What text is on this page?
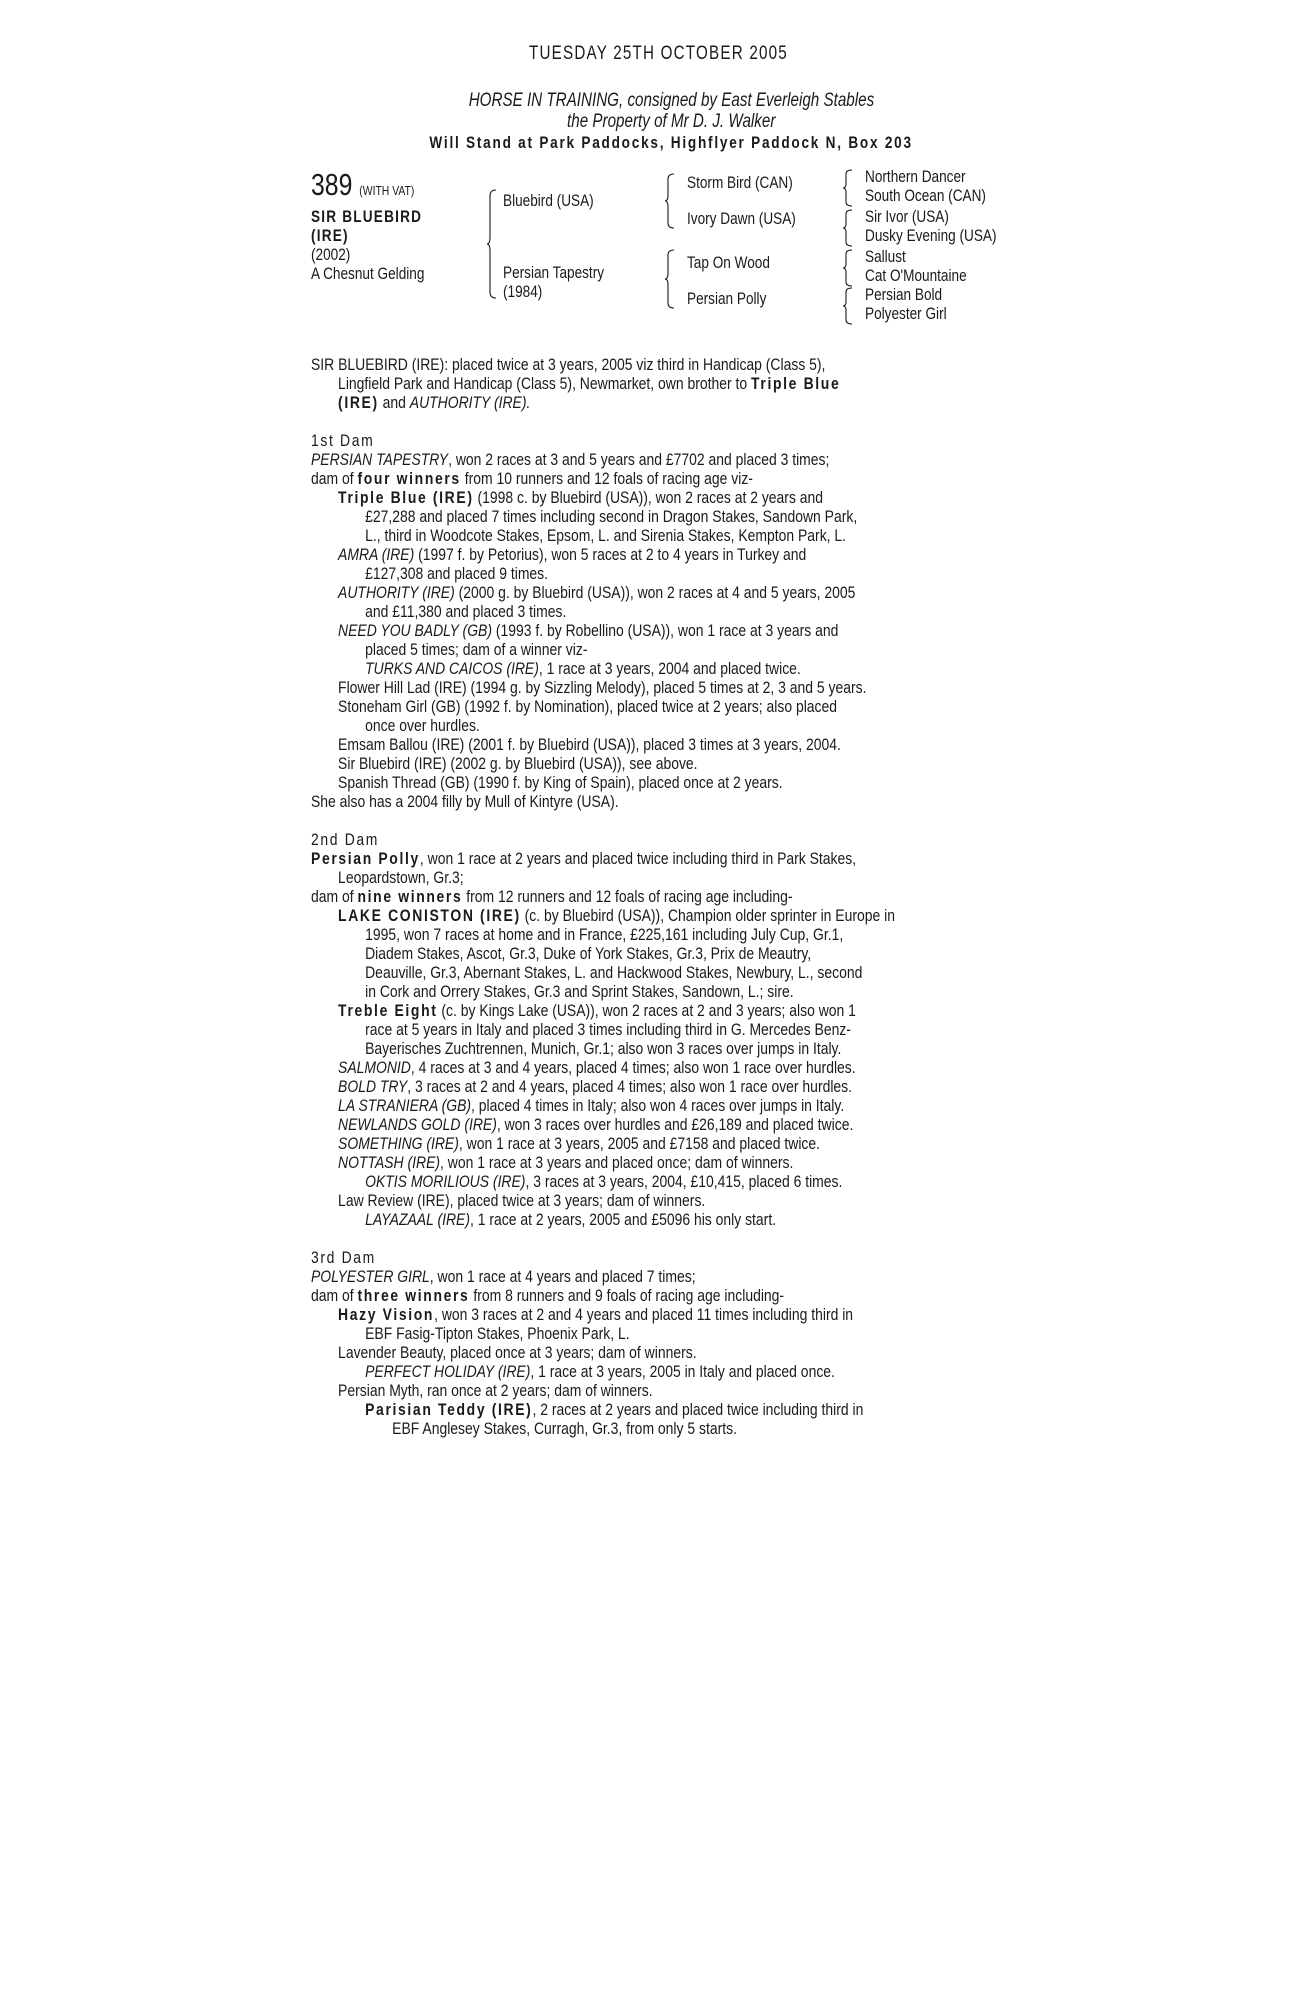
TUESDAY 25TH OCTOBER 2005
HORSE IN TRAINING, consigned by East Everleigh Stables
the Property of Mr D. J. Walker
Will Stand at Park Paddocks, Highflyer Paddock N, Box 203
389 (WITH VAT)
SIR BLUEBIRD
(IRE)
(2002)
A Chesnut Gelding
Bluebird (USA)
Persian Tapestry
(1984)
Storm Bird (CAN)
Ivory Dawn (USA)
Tap On Wood
Persian Polly
Northern Dancer
South Ocean (CAN)
Sir Ivor (USA)
Dusky Evening (USA)
Sallust
Cat O'Mountaine
Persian Bold
Polyester Girl
SIR BLUEBIRD (IRE): placed twice at 3 years, 2005 viz third in Handicap (Class 5),
Lingfield Park and Handicap (Class 5), Newmarket, own brother to Triple Blue
(IRE) and AUTHORITY (IRE).
1st Dam
PERSIAN TAPESTRY, won 2 races at 3 and 5 years and £7702 and placed 3 times;
dam of four winners from 10 runners and 12 foals of racing age viz-
Triple Blue (IRE) (1998 c. by Bluebird (USA)), won 2 races at 2 years and
£27,288 and placed 7 times including second in Dragon Stakes, Sandown Park,
L., third in Woodcote Stakes, Epsom, L. and Sirenia Stakes, Kempton Park, L.
AMRA (IRE) (1997 f. by Petorius), won 5 races at 2 to 4 years in Turkey and
£127,308 and placed 9 times.
AUTHORITY (IRE) (2000 g. by Bluebird (USA)), won 2 races at 4 and 5 years, 2005
and £11,380 and placed 3 times.
NEED YOU BADLY (GB) (1993 f. by Robellino (USA)), won 1 race at 3 years and
placed 5 times; dam of a winner viz-
TURKS AND CAICOS (IRE), 1 race at 3 years, 2004 and placed twice.
Flower Hill Lad (IRE) (1994 g. by Sizzling Melody), placed 5 times at 2, 3 and 5 years.
Stoneham Girl (GB) (1992 f. by Nomination), placed twice at 2 years; also placed
once over hurdles.
Emsam Ballou (IRE) (2001 f. by Bluebird (USA)), placed 3 times at 3 years, 2004.
Sir Bluebird (IRE) (2002 g. by Bluebird (USA)), see above.
Spanish Thread (GB) (1990 f. by King of Spain), placed once at 2 years.
She also has a 2004 filly by Mull of Kintyre (USA).
2nd Dam
Persian Polly, won 1 race at 2 years and placed twice including third in Park Stakes,
Leopardstown, Gr.3;
dam of nine winners from 12 runners and 12 foals of racing age including-
LAKE CONISTON (IRE) (c. by Bluebird (USA)), Champion older sprinter in Europe in
1995, won 7 races at home and in France, £225,161 including July Cup, Gr.1,
Diadem Stakes, Ascot, Gr.3, Duke of York Stakes, Gr.3, Prix de Meautry,
Deauville, Gr.3, Abernant Stakes, L. and Hackwood Stakes, Newbury, L., second
in Cork and Orrery Stakes, Gr.3 and Sprint Stakes, Sandown, L.; sire.
Treble Eight (c. by Kings Lake (USA)), won 2 races at 2 and 3 years; also won 1
race at 5 years in Italy and placed 3 times including third in G. Mercedes Benz-
Bayerisches Zuchtrennen, Munich, Gr.1; also won 3 races over jumps in Italy.
SALMONID, 4 races at 3 and 4 years, placed 4 times; also won 1 race over hurdles.
BOLD TRY, 3 races at 2 and 4 years, placed 4 times; also won 1 race over hurdles.
LA STRANIERA (GB), placed 4 times in Italy; also won 4 races over jumps in Italy.
NEWLANDS GOLD (IRE), won 3 races over hurdles and £26,189 and placed twice.
SOMETHING (IRE), won 1 race at 3 years, 2005 and £7158 and placed twice.
NOTTASH (IRE), won 1 race at 3 years and placed once; dam of winners.
OKTIS MORILIOUS (IRE), 3 races at 3 years, 2004, £10,415, placed 6 times.
Law Review (IRE), placed twice at 3 years; dam of winners.
LAYAZAAL (IRE), 1 race at 2 years, 2005 and £5096 his only start.
3rd Dam
POLYESTER GIRL, won 1 race at 4 years and placed 7 times;
dam of three winners from 8 runners and 9 foals of racing age including-
Hazy Vision, won 3 races at 2 and 4 years and placed 11 times including third in
EBF Fasig-Tipton Stakes, Phoenix Park, L.
Lavender Beauty, placed once at 3 years; dam of winners.
PERFECT HOLIDAY (IRE), 1 race at 3 years, 2005 in Italy and placed once.
Persian Myth, ran once at 2 years; dam of winners.
Parisian Teddy (IRE), 2 races at 2 years and placed twice including third in
EBF Anglesey Stakes, Curragh, Gr.3, from only 5 starts.
